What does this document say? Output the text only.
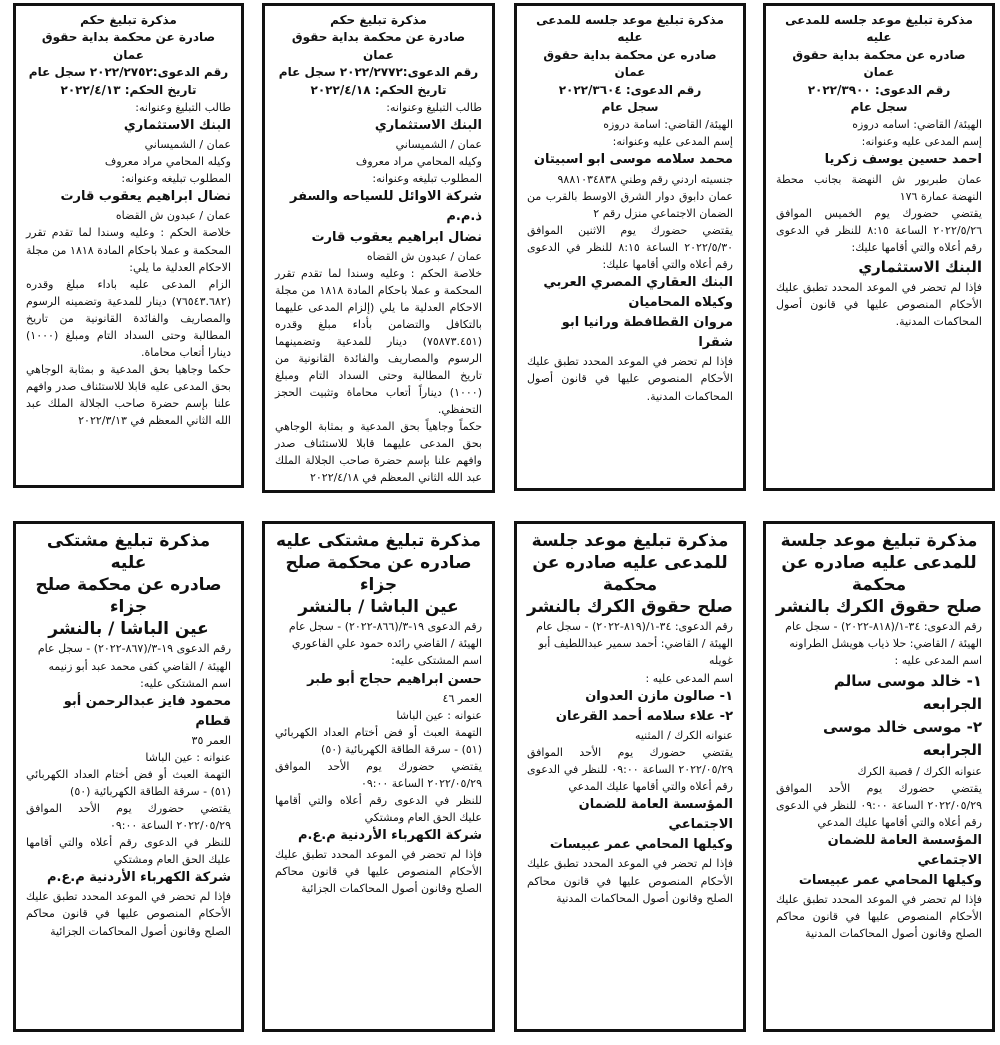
مذكرة تبليغ حكم

صادرة عن محكمة بداية حقوق عمان

رقم الدعوى:٢٠٢٢/٢٧٥٢ سجل عام

تاريخ الحكم: ٢٠٢٢/٤/١٣

طالب التبليغ وعنوانه:

البنك الاستثماري

عمان / الشميساني

وكيله المحامي مراد معروف

المطلوب تبليغه وعنوانه:

نضال ابراهيم يعقوب قارت

عمان / عبدون ش القضاه

خلاصة الحكم : وعليه وسندا لما تقدم تقرر المحكمة و عملا باحكام المادة ١٨١٨ من مجلة الاحكام العدلية ما يلي:

الزام المدعى عليه باداء مبلغ وقدره (٧٦٥٤٣.٦٨٢) دينار للمدعية وتضمينه الرسوم والمصاريف والفائدة القانونية من تاريخ المطالبة وحتى السداد التام ومبلغ (١٠٠٠) دينارا أتعاب محاماة.

حكما وجاهيا بحق المدعية و بمثابة الوجاهي بحق المدعى عليه قابلا للاستئناف صدر وافهم علنا بإسم حضرة صاحب الجلالة الملك عبد الله الثاني المعظم في ٢٠٢٢/٣/١٣

مذكرة تبليغ حكم

صادرة عن محكمة بداية حقوق عمان

رقم الدعوى:٢٠٢٢/٢٧٧٢ سجل عام

تاريخ الحكم: ٢٠٢٢/٤/١٨

طالب التبليغ وعنوانه:

البنك الاستثماري

عمان / الشميساني

وكيله المحامي مراد معروف

المطلوب تبليغه وعنوانه:

شركة الاوائل للسياحه والسفر ذ.م.م

نضال ابراهيم يعقوب قارت

عمان / عبدون ش القضاه

خلاصة الحكم : وعليه وسندا لما تقدم تقرر المحكمة و عملا باحكام المادة ١٨١٨ من مجلة الاحكام العدلية ما يلي (إلزام المدعى عليهما بالتكافل والتضامن بأداء مبلغ وقدره (٧٥٨٧٣.٤٥١) دينار للمدعية وتضمينهما الرسوم والمصاريف والفائدة القانونية من تاريخ المطالبة وحتى السداد التام ومبلغ (١٠٠٠) ديناراً أتعاب محاماة وتثبيت الحجز التحفظي.

حكماً وجاهياً بحق المدعية و بمثابة الوجاهي بحق المدعى عليهما قابلا للاستئناف صدر وافهم علنا بإسم حضرة صاحب الجلالة الملك عبد الله الثاني المعظم في ٢٠٢٢/٤/١٨

مذكرة تبليغ موعد جلسه للمدعى عليه

صادره عن محكمة بداية حقوق عمان

رقم الدعوى: ٢٠٢٢/٣٦٠٤

سجل عام

الهيئة/ القاضي: اسامة دروزه

إسم المدعى عليه وعنوانه:

محمد سلامه موسى ابو اسبيتان

جنسيته اردني رقم وطني ٩٨٨١٠٣٤٨٣٨

عمان دابوق دوار الشرق الاوسط بالقرب من الضمان الاجتماعي منزل رقم ٢

يقتضي حضورك يوم الاثنين الموافق ٢٠٢٢/٥/٣٠ الساعة ٨:١٥ للنظر في الدعوى رقم أعلاه والتي أقامها عليك:

البنك العقاري المصري العربي

وكيلاه المحاميان

مروان القطافطة ورانيا ابو شقرا

فإذا لم تحضر في الموعد المحدد تطبق عليك الأحكام المنصوص عليها في قانون أصول المحاكمات المدنية.

مذكرة تبليغ موعد جلسه للمدعى عليه

صادره عن محكمة بداية حقوق عمان

رقم الدعوى: ٢٠٢٢/٣٩٠٠

سجل عام

الهيئة/ القاضي: اسامه دروزه

إسم المدعى عليه وعنوانه:

احمد حسين يوسف زكريا

عمان طبربور ش النهضة بجانب محطة النهضة عمارة ١٧٦

يقتضي حضورك يوم الخميس الموافق ٢٠٢٢/٥/٢٦ الساعة ٨:١٥ للنظر في الدعوى رقم أعلاه والتي أقامها عليك:

البنك الاستثماري

فإذا لم تحضر في الموعد المحدد تطبق عليك الأحكام المنصوص عليها في قانون أصول المحاكمات المدنية.

مذكرة تبليغ مشتكى عليه

صادره عن محكمة صلح جزاء

عين الباشا / بالنشر

رقم الدعوى ١٩-٣/(٨٦٧-٢٠٢٢) - سجل عام

الهيئة / القاضي كفى محمد عبد أبو زنيمه

اسم المشتكى عليه:

محمود فايز عبدالرحمن أبو قطام

العمر ٣٥

عنوانه : عين الباشا

التهمة العبث أو فض أختام العداد الكهربائي (٥١) - سرقة الطاقة الكهربائية (٥٠)

يقتضي حضورك يوم الأحد الموافق ٢٠٢٢/٠٥/٢٩ الساعة ٠٩:٠٠

للنظر في الدعوى رقم أعلاه والتي أقامها عليك الحق العام ومشتكي

شركة الكهرباء الأردنية م.ع.م

فإذا لم تحضر في الموعد المحدد تطبق عليك الأحكام المنصوص عليها في قانون محاكم الصلح وقانون أصول المحاكمات الجزائية

مذكرة تبليغ مشتكى عليه

صادره عن محكمة صلح جزاء

عين الباشا / بالنشر

رقم الدعوى ١٩-٣/(٨٦٦-٢٠٢٢) - سجل عام

الهيئة / القاضي رائده حمود علي الفاعوري

اسم المشتكى عليه:

حسن ابراهيم حجاج أبو طبر

العمر ٤٦

عنوانه : عين الباشا

التهمة العبث أو فض أختام العداد الكهربائي (٥١) - سرقة الطاقة الكهربائية (٥٠)

يقتضي حضورك يوم الأحد الموافق ٢٠٢٢/٠٥/٢٩ الساعة ٠٩:٠٠

للنظر في الدعوى رقم أعلاه والتي أقامها عليك الحق العام ومشتكي

شركة الكهرباء الأردنية م.ع.م

فإذا لم تحضر في الموعد المحدد تطبق عليك الأحكام المنصوص عليها في قانون محاكم الصلح وقانون أصول المحاكمات الجزائية

مذكرة تبليغ موعد جلسة

للمدعى عليه صادره عن محكمة

صلح حقوق الكرك بالنشر

رقم الدعوى: ٣٤-١/(٨١٩-٢٠٢٢) - سجل عام

الهيئة / القاضي: أحمد سمير عبداللطيف أبو غويله

اسم المدعى عليه :

١- صالون مازن العدوان

٢- علاء سلامه أحمد القرعان

عنوانه الكرك / المثنيه

يقتضي حضورك يوم الأحد الموافق ٢٠٢٢/٠٥/٢٩ الساعة ٠٩:٠٠ للنظر في الدعوى رقم أعلاه والتي أقامها عليك المدعي

المؤسسة العامة للضمان الاجتماعي

وكيلها المحامي عمر عبيسات

فإذا لم تحضر في الموعد المحدد تطبق عليك الأحكام المنصوص عليها في قانون محاكم الصلح وقانون أصول المحاكمات المدنية

مذكرة تبليغ موعد جلسة

للمدعى عليه صادره عن محكمة

صلح حقوق الكرك بالنشر

رقم الدعوى: ٣٤-١/(٨١٨-٢٠٢٢) - سجل عام

الهيئة / القاضي: حلا ذياب هويشل الطراونه

اسم المدعى عليه :

١- خالد موسى سالم الجرابعه

٢- موسى خالد موسى الجرابعه

عنوانه الكرك / قصبة الكرك

يقتضي حضورك يوم الأحد الموافق ٢٠٢٢/٠٥/٢٩ الساعة ٠٩:٠٠ للنظر في الدعوى رقم أعلاه والتي أقامها عليك المدعي

المؤسسة العامة للضمان الاجتماعي

وكيلها المحامي عمر عبيسات

فإذا لم تحضر في الموعد المحدد تطبق عليك الأحكام المنصوص عليها في قانون محاكم الصلح وقانون أصول المحاكمات المدنية
